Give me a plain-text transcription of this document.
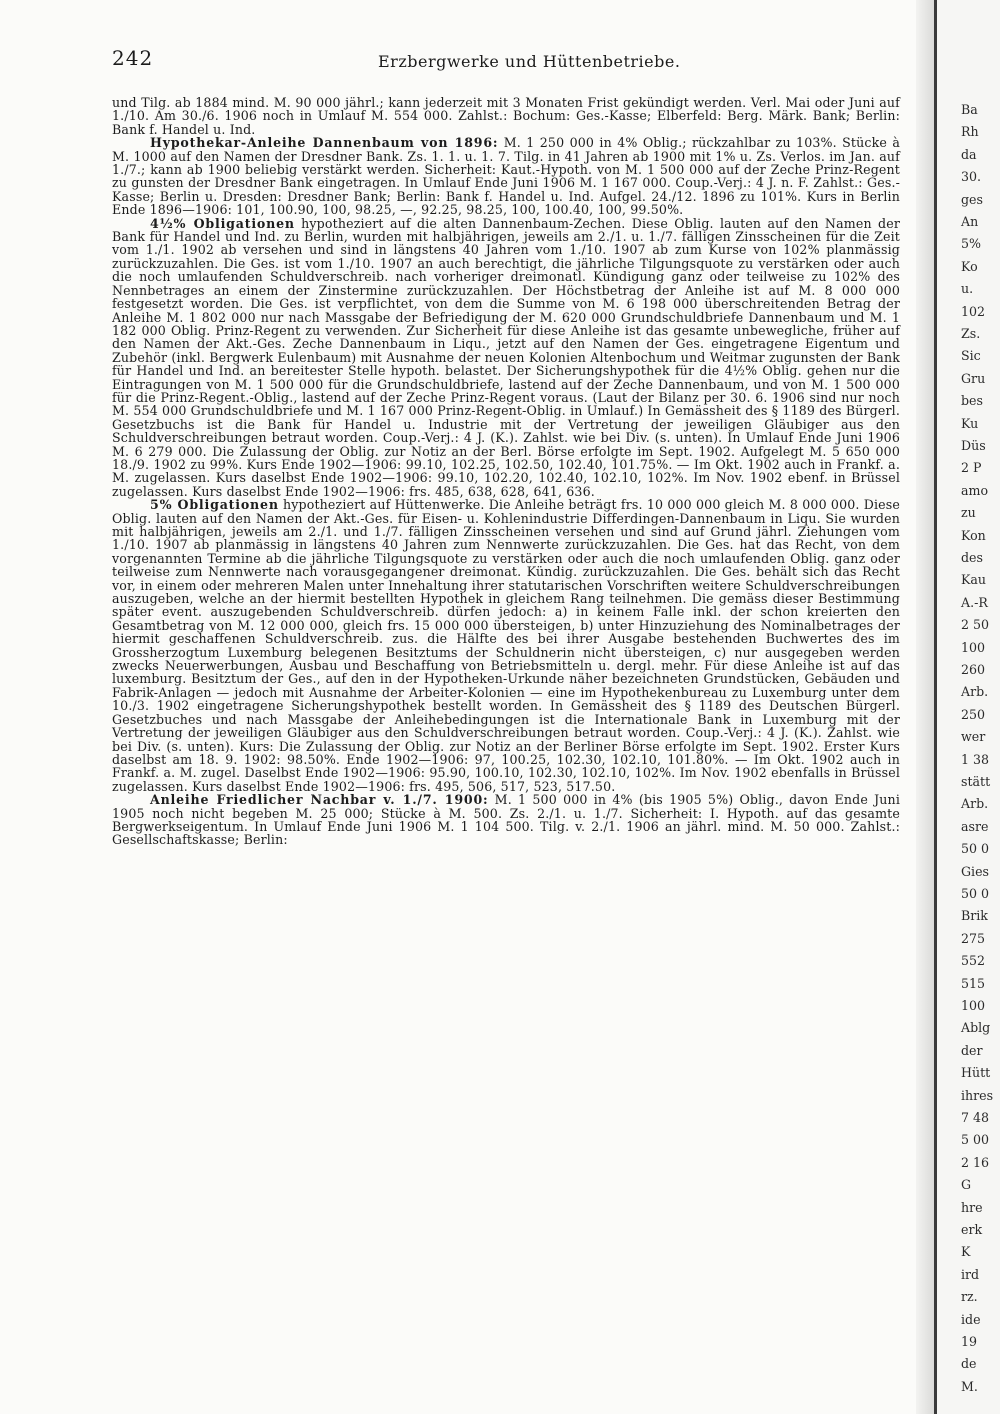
242	Erzbergwerke und Hüttenbetriebe.

und Tilg. ab 1884 mind. M. 90 000 jährl.; kann jederzeit mit 3 Monaten Frist gekündigt werden. Verl. Mai oder Juni auf 1./10. Am 30./6. 1906 noch in Umlauf M. 554 000. Zahlst.: Bochum: Ges.-Kasse; Elberfeld: Berg. Märk. Bank; Berlin: Bank f. Handel u. Ind.

Hypothekar-Anleihe Dannenbaum von 1896: M. 1 250 000 in 4% Oblig.; rückzahlbar zu 103%. Stücke à M. 1000 auf den Namen der Dresdner Bank. Zs. 1. 1. u. 1. 7. Tilg. in 41 Jahren ab 1900 mit 1% u. Zs. Verlos. im Jan. auf 1./7.; kann ab 1900 beliebig verstärkt werden. Sicherheit: Kaut.-Hypoth. von M. 1 500 000 auf der Zeche Prinz-Regent zu gunsten der Dresdner Bank eingetragen. In Umlauf Ende Juni 1906 M. 1 167 000. Coup.-Verj.: 4 J. n. F. Zahlst.: Ges.-Kasse; Berlin u. Dresden: Dresdner Bank; Berlin: Bank f. Handel u. Ind. Aufgel. 24./12. 1896 zu 101%. Kurs in Berlin Ende 1896—1906: 101, 100.90, 100, 98.25, —, 92.25, 98.25, 100, 100.40, 100, 99.50%.

4½% Obligationen hypotheziert auf die alten Dannenbaum-Zechen. Diese Oblig. lauten auf den Namen der Bank für Handel und Ind. zu Berlin, wurden mit halbjährigen, jeweils am 2./1. u. 1./7. fälligen Zinsscheinen für die Zeit vom 1./1. 1902 ab versehen und sind in längstens 40 Jahren vom 1./10. 1907 ab zum Kurse von 102% planmässig zurückzuzahlen. Die Ges. ist vom 1./10. 1907 an auch berechtigt, die jährliche Tilgungsquote zu verstärken oder auch die noch umlaufenden Schuldverschreib. nach vorheriger dreimonatl. Kündigung ganz oder teilweise zu 102% des Nennbetrages an einem der Zinstermine zurückzuzahlen. Der Höchstbetrag der Anleihe ist auf M. 8 000 000 festgesetzt worden. Die Ges. ist verpflichtet, von dem die Summe von M. 6 198 000 überschreitenden Betrag der Anleihe M. 1 802 000 nur nach Massgabe der Befriedigung der M. 620 000 Grundschuldbriefe Dannenbaum und M. 1 182 000 Oblig. Prinz-Regent zu verwenden. Zur Sicherheit für diese Anleihe ist das gesamte unbewegliche, früher auf den Namen der Akt.-Ges. Zeche Dannenbaum in Liqu., jetzt auf den Namen der Ges. eingetragene Eigentum und Zubehör (inkl. Bergwerk Eulenbaum) mit Ausnahme der neuen Kolonien Altenbochum und Weitmar zugunsten der Bank für Handel und Ind. an bereitester Stelle hypoth. belastet. Der Sicherungshypothek für die 4½% Oblig. gehen nur die Eintragungen von M. 1 500 000 für die Grundschuldbriefe, lastend auf der Zeche Dannenbaum, und von M. 1 500 000 für die Prinz-Regent.-Oblig., lastend auf der Zeche Prinz-Regent voraus. (Laut der Bilanz per 30. 6. 1906 sind nur noch M. 554 000 Grundschuldbriefe und M. 1 167 000 Prinz-Regent-Oblig. in Umlauf.) In Gemässheit des § 1189 des Bürgerl. Gesetzbuchs ist die Bank für Handel u. Industrie mit der Vertretung der jeweiligen Gläubiger aus den Schuldverschreibungen betraut worden. Coup.-Verj.: 4 J. (K.). Zahlst. wie bei Div. (s. unten). In Umlauf Ende Juni 1906 M. 6 279 000. Die Zulassung der Oblig. zur Notiz an der Berl. Börse erfolgte im Sept. 1902. Aufgelegt M. 5 650 000 18./9. 1902 zu 99%. Kurs Ende 1902—1906: 99.10, 102.25, 102.50, 102.40, 101.75%. — Im Okt. 1902 auch in Frankf. a. M. zugelassen. Kurs daselbst Ende 1902—1906: 99.10, 102.20, 102.40, 102.10, 102%. Im Nov. 1902 ebenf. in Brüssel zugelassen. Kurs daselbst Ende 1902—1906: frs. 485, 638, 628, 641, 636.

5% Obligationen hypotheziert auf Hüttenwerke. Die Anleihe beträgt frs. 10 000 000 gleich M. 8 000 000. Diese Oblig. lauten auf den Namen der Akt.-Ges. für Eisen- u. Kohlenindustrie Differdingen-Dannenbaum in Liqu. Sie wurden mit halbjährigen, jeweils am 2./1. und 1./7. fälligen Zinsscheinen versehen und sind auf Grund jährl. Ziehungen vom 1./10. 1907 ab planmässig in längstens 40 Jahren zum Nennwerte zurückzuzahlen. Die Ges. hat das Recht, von dem vorgenannten Termine ab die jährliche Tilgungsquote zu verstärken oder auch die noch umlaufenden Oblig. ganz oder teilweise zum Nennwerte nach vorausgegangener dreimonat. Kündig. zurückzuzahlen. Die Ges. behält sich das Recht vor, in einem oder mehreren Malen unter Innehaltung ihrer statutarischen Vorschriften weitere Schuldverschreibungen auszugeben, welche an der hiermit bestellten Hypothek in gleichem Rang teilnehmen. Die gemäss dieser Bestimmung später event. auszugebenden Schuldverschreib. dürfen jedoch: a) in keinem Falle inkl. der schon kreierten den Gesamtbetrag von M. 12 000 000, gleich frs. 15 000 000 übersteigen, b) unter Hinzuziehung des Nominalbetrages der hiermit geschaffenen Schuldverschreib. zus. die Hälfte des bei ihrer Ausgabe bestehenden Buchwertes des im Grossherzogtum Luxemburg belegenen Besitztums der Schuldnerin nicht übersteigen, c) nur ausgegeben werden zwecks Neuerwerbungen, Ausbau und Beschaffung von Betriebsmitteln u. dergl. mehr. Für diese Anleihe ist auf das luxemburg. Besitztum der Ges., auf den in der Hypotheken-Urkunde näher bezeichneten Grundstücken, Gebäuden und Fabrik-Anlagen — jedoch mit Ausnahme der Arbeiter-Kolonien — eine im Hypothekenbureau zu Luxemburg unter dem 10./3. 1902 eingetragene Sicherungshypothek bestellt worden. In Gemässheit des § 1189 des Deutschen Bürgerl. Gesetzbuches und nach Massgabe der Anleihebedingungen ist die Internationale Bank in Luxemburg mit der Vertretung der jeweiligen Gläubiger aus den Schuldverschreibungen betraut worden. Coup.-Verj.: 4 J. (K.). Zahlst. wie bei Div. (s. unten). Kurs: Die Zulassung der Oblig. zur Notiz an der Berliner Börse erfolgte im Sept. 1902. Erster Kurs daselbst am 18. 9. 1902: 98.50%. Ende 1902—1906: 97, 100.25, 102.30, 102.10, 101.80%. — Im Okt. 1902 auch in Frankf. a. M. zugel. Daselbst Ende 1902—1906: 95.90, 100.10, 102.30, 102.10, 102%. Im Nov. 1902 ebenfalls in Brüssel zugelassen. Kurs daselbst Ende 1902—1906: frs. 495, 506, 517, 523, 517.50.

Anleihe Friedlicher Nachbar v. 1./7. 1900: M. 1 500 000 in 4% (bis 1905 5%) Oblig., davon Ende Juni 1905 noch nicht begeben M. 25 000; Stücke à M. 500. Zs. 2./1. u. 1./7. Sicherheit: I. Hypoth. auf das gesamte Bergwerkseigentum. In Umlauf Ende Juni 1906 M. 1 104 500. Tilg. v. 2./1. 1906 an jährl. mind. M. 50 000. Zahlst.: Gesellschaftskasse; Berlin:

Ba
Rh
da
30.
ges
An
5%
Ko
u.
102
Zs.
Sic
Gru
bes
Ku
Düs
2 P
amo
zu
Kon
des
Kau
A.-R
2 50
100
260
Arb.
250
wer
1 38
stätt
Arb.
asre
50 0
Gies
50 0
Brik
275
552
515
100
Ablg
der
Hütt
ihres
7 48
5 00
2 16
G
hre
erk
K
ird
rz.
ide
19
de
M.
